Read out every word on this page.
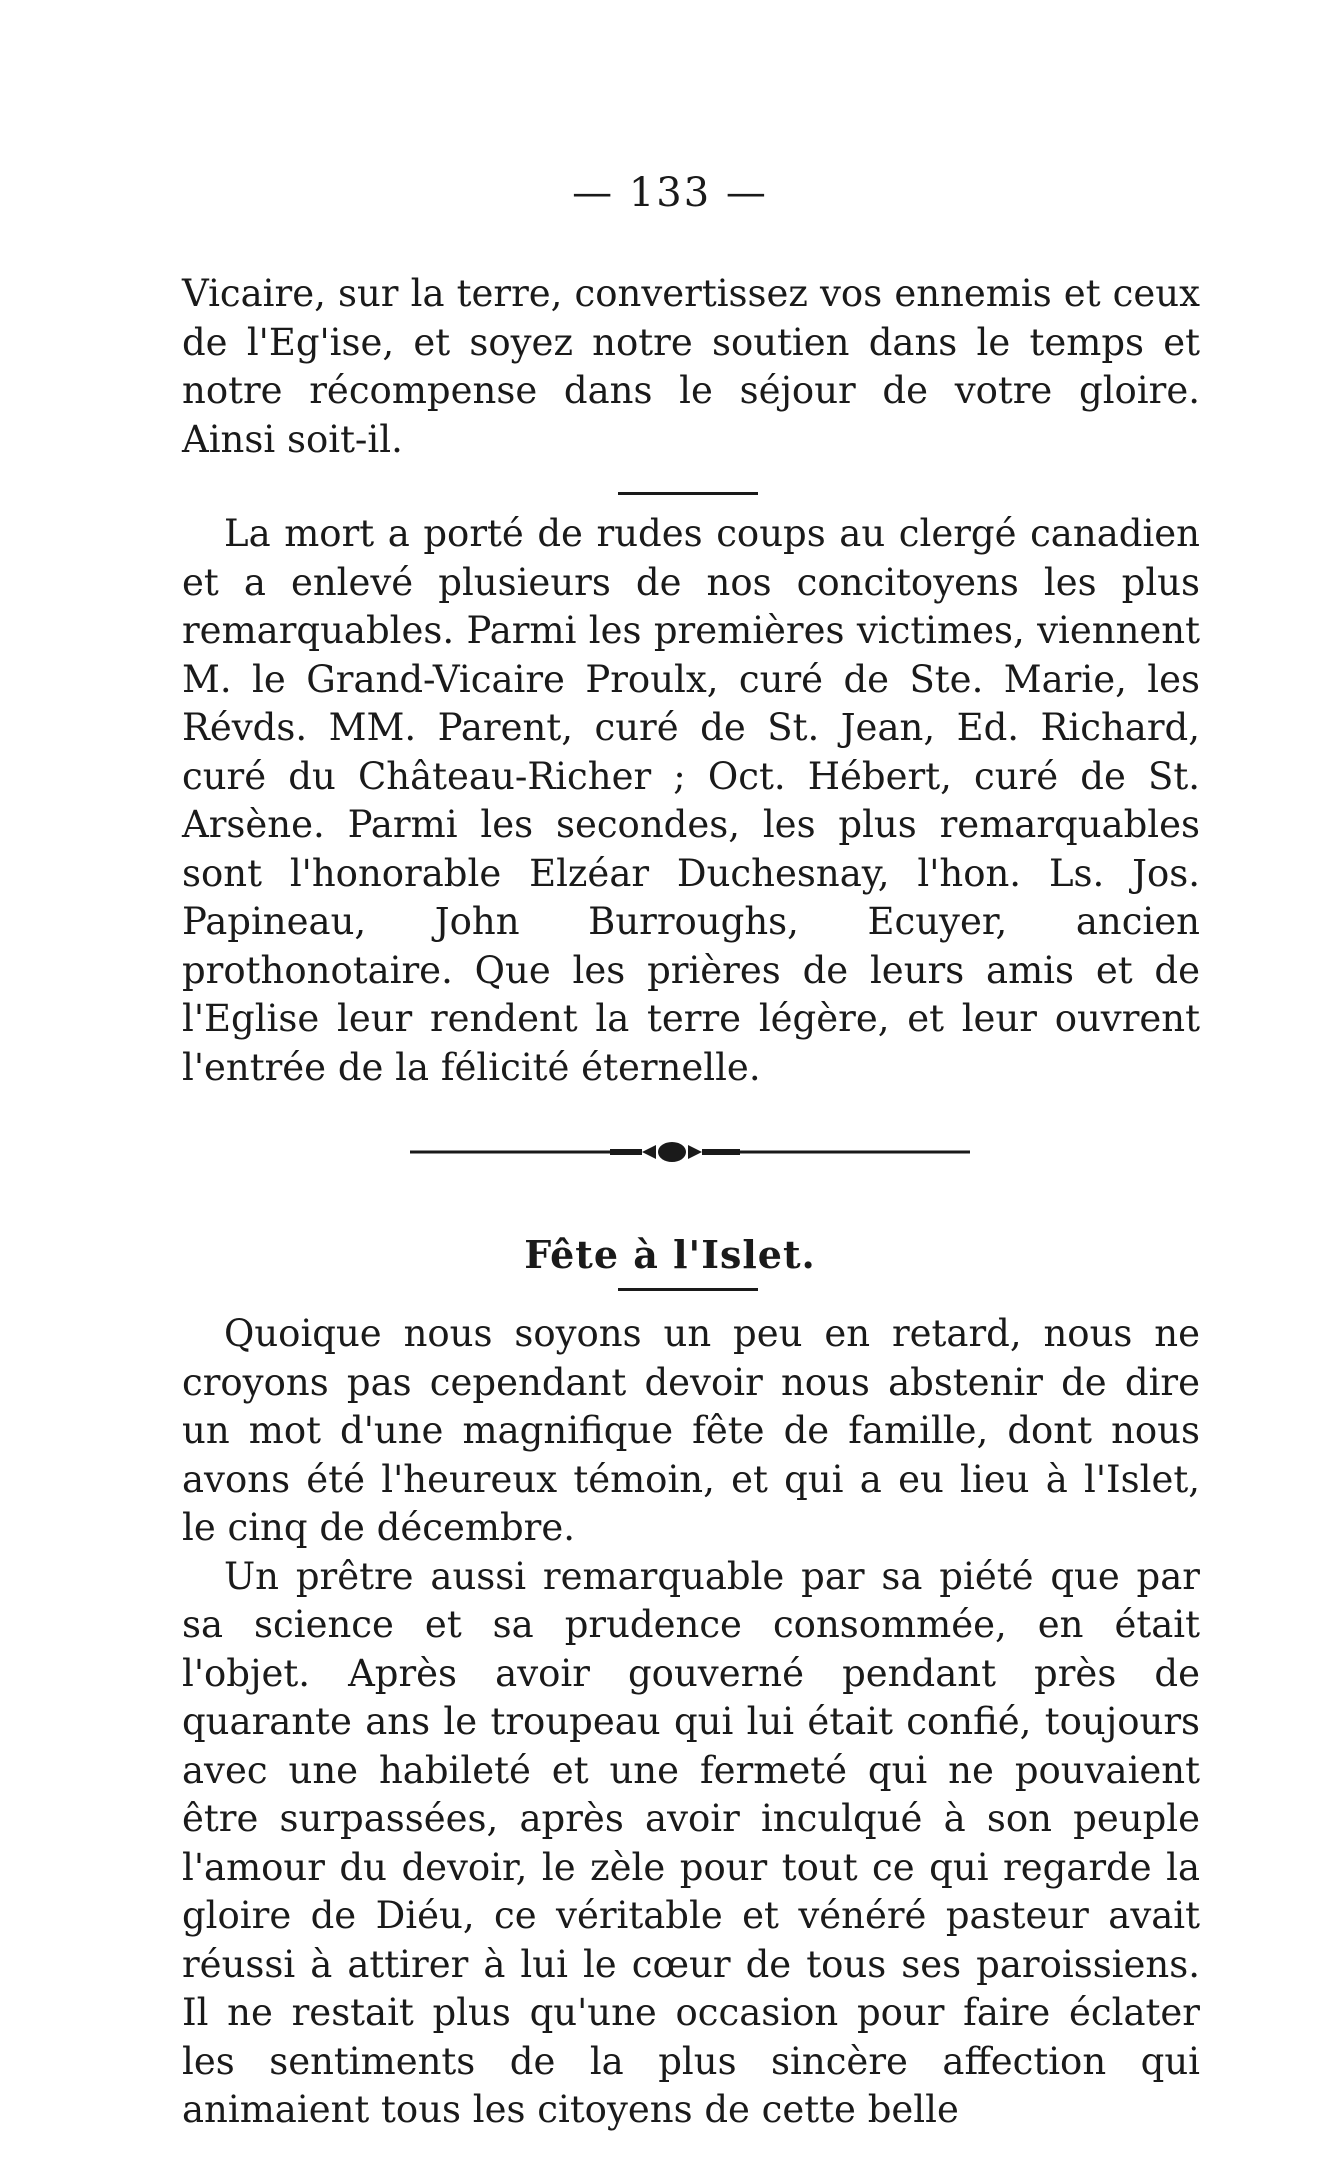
— 133 —

Vicaire, sur la terre, convertissez vos ennemis et ceux de l'Eg'ise, et soyez notre soutien dans le temps et notre récompense dans le séjour de votre gloire. Ainsi soit-il.

La mort a porté de rudes coups au clergé canadien et a enlevé plusieurs de nos concitoyens les plus remarquables. Parmi les premières victimes, viennent M. le Grand-Vicaire Proulx, curé de Ste. Marie, les Révds. MM. Parent, curé de St. Jean, Ed. Richard, curé du Château-Richer ; Oct. Hébert, curé de St. Arsène. Parmi les secondes, les plus remarquables sont l'honorable Elzéar Duchesnay, l'hon. Ls. Jos. Papineau, John Burroughs, Ecuyer, ancien prothonotaire. Que les prières de leurs amis et de l'Eglise leur rendent la terre légère, et leur ouvrent l'entrée de la félicité éternelle.

Fête à l'Islet.

Quoique nous soyons un peu en retard, nous ne croyons pas cependant devoir nous abstenir de dire un mot d'une magnifique fête de famille, dont nous avons été l'heureux témoin, et qui a eu lieu à l'Islet, le cinq de décembre.

Un prêtre aussi remarquable par sa piété que par sa science et sa prudence consommée, en était l'objet. Après avoir gouverné pendant près de quarante ans le troupeau qui lui était confié, toujours avec une habileté et une fermeté qui ne pouvaient être surpassées, après avoir inculqué à son peuple l'amour du devoir, le zèle pour tout ce qui regarde la gloire de Diéu, ce véritable et vénéré pasteur avait réussi à attirer à lui le cœur de tous ses paroissiens. Il ne restait plus qu'une occasion pour faire éclater les sentiments de la plus sincère affection qui animaient tous les citoyens de cette belle
